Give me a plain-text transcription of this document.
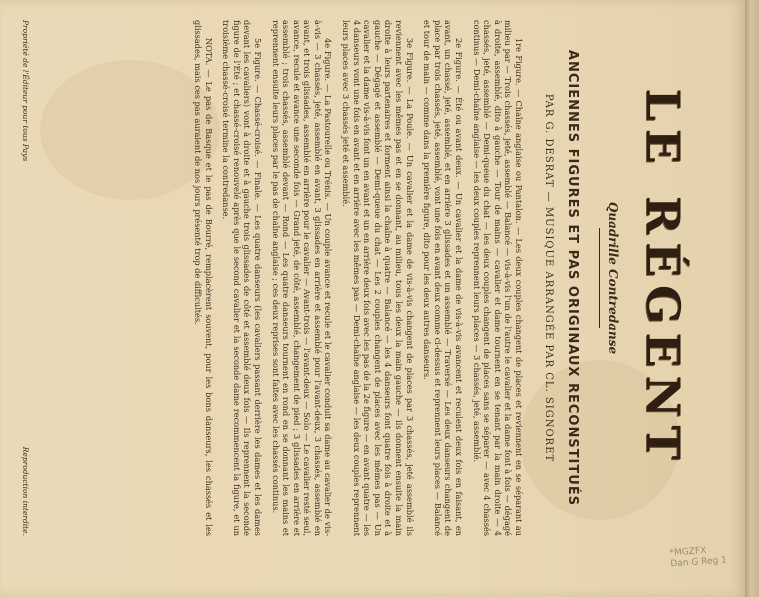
LE RÉGENT
Quadrille Contredanse
ANCIENNES FIGURES ET PAS ORIGINAUX RECONSTITUÉS
PAR G. DESRAT — MUSIQUE ARRANGÉE PAR CL. SIGNORET

1re Figure. — Chaîne anglaise ou Pantalon. — Les deux couples changent de places et reviennent en se séparant au milieu par — Trois chassés, jeté, assemblé — Balancé — vis-à-vis l'un de l'autre le cavalier et la dame font à fois — dégagé à droite, assemblé, dito à gauche — Tour de mains — cavalier et dame tournent en se tenant par la main droite — 4 chassés, jeté, assemblé — Demi-queue du chat — les deux couples changent de places sans se séparer — avec 4 chassés continus — Demi-chaîne anglaise — les deux couples reprennent leurs places — 3 chassés, jeté, assemblé.

2e Figure. — Été ou avant deux. — Un cavalier et la dame de vis-à-vis avancent et reculent deux fois en faisant, en avant, un chassé, jeté, assemblé, et en arrière 3 glissades et un assemblé — Traversé — Les deux danseurs changent de place par trois chassés, jeté, assemblé, vont une fois en avant deux comme ci-dessus et reprennent leurs places — Balancé et tour de main — comme dans la première figure, dito pour les deux autres danseurs.

3e Figure. — La Poule. — Un cavalier et la dame de vis-à-vis changent de places par 3 chassés, jeté assemblé ils reviennent avec les mêmes pas et en se donnant, au milieu, tous les deux la main gauche — ils donnent ensuite la main droite à leurs partenaires et forment ainsi la chaîne à quatre — Balancé — les 4 danseurs font quatre fois à droite et à gauche — Dégagé et assemblé — Demi-queue du chat — Les 2 couples changent de places avec les mêmes pas — Un cavalier et la dame vis-à-vis font un en avant et un en arrière deux fois avec les pas de la 2e figure — en avant quatre — les 4 danseurs vont une fois en avant et en arrière avec les mêmes pas — Demi-chaîne anglaise — les deux couples reprennent leurs places avec 3 chassés jeté et assemblé.

4e Figure. — La Pastourelle ou Trénis. — Un couple avance et recule et le cavalier conduit sa dame au cavalier de vis-à-vis — 3 chassés, jeté, assemblé en avant, 3 glissades en arrière et assemblé pour l'avant-deux, 3 chassés, assemblé en avant, et trois glissades, assemblé en arrière pour le cavalier — Avant-trois — l'avant-deux — Solo — Le cavalier resté seul, avance, recule et avance une seconde fois — Grand jeté, de côté, assemblé, changement de pied ; 3 glissades en arrière et assemblé ; trois chassés, assemblé devant — Rond — Les quatre danseurs tournent en rond en se donnant les mains et reprennent ensuite leurs places par le pas de chaîne anglaise ; ces deux reprises sont faites avec les chassés continus.

5e Figure. — Chassé-croisé. — Finale. — Les quatre danseurs (les cavaliers passant derrière les dames et les dames devant les cavaliers) vont à droite et à gauche trois glissades de côté et assemblé deux fois — Ils reprennent la seconde figure de l'Été ; et chassé-croisé renouvelé après que le second cavalier et la seconde dame recommencent la figure, et un troisième chassé-croisé termine la contredanse.

NOTA. — Le pas de Basque et le pas de Bourré, remplacèrent souvent, pour les bons danseurs, les chassés et les glissades, mais ces pas auraient de nos jours présenté trop de difficultés.

Propriété de l'Éditeur pour tous Pays
Reproduction interdite.
*MGZFX
Dan G Reg 1
